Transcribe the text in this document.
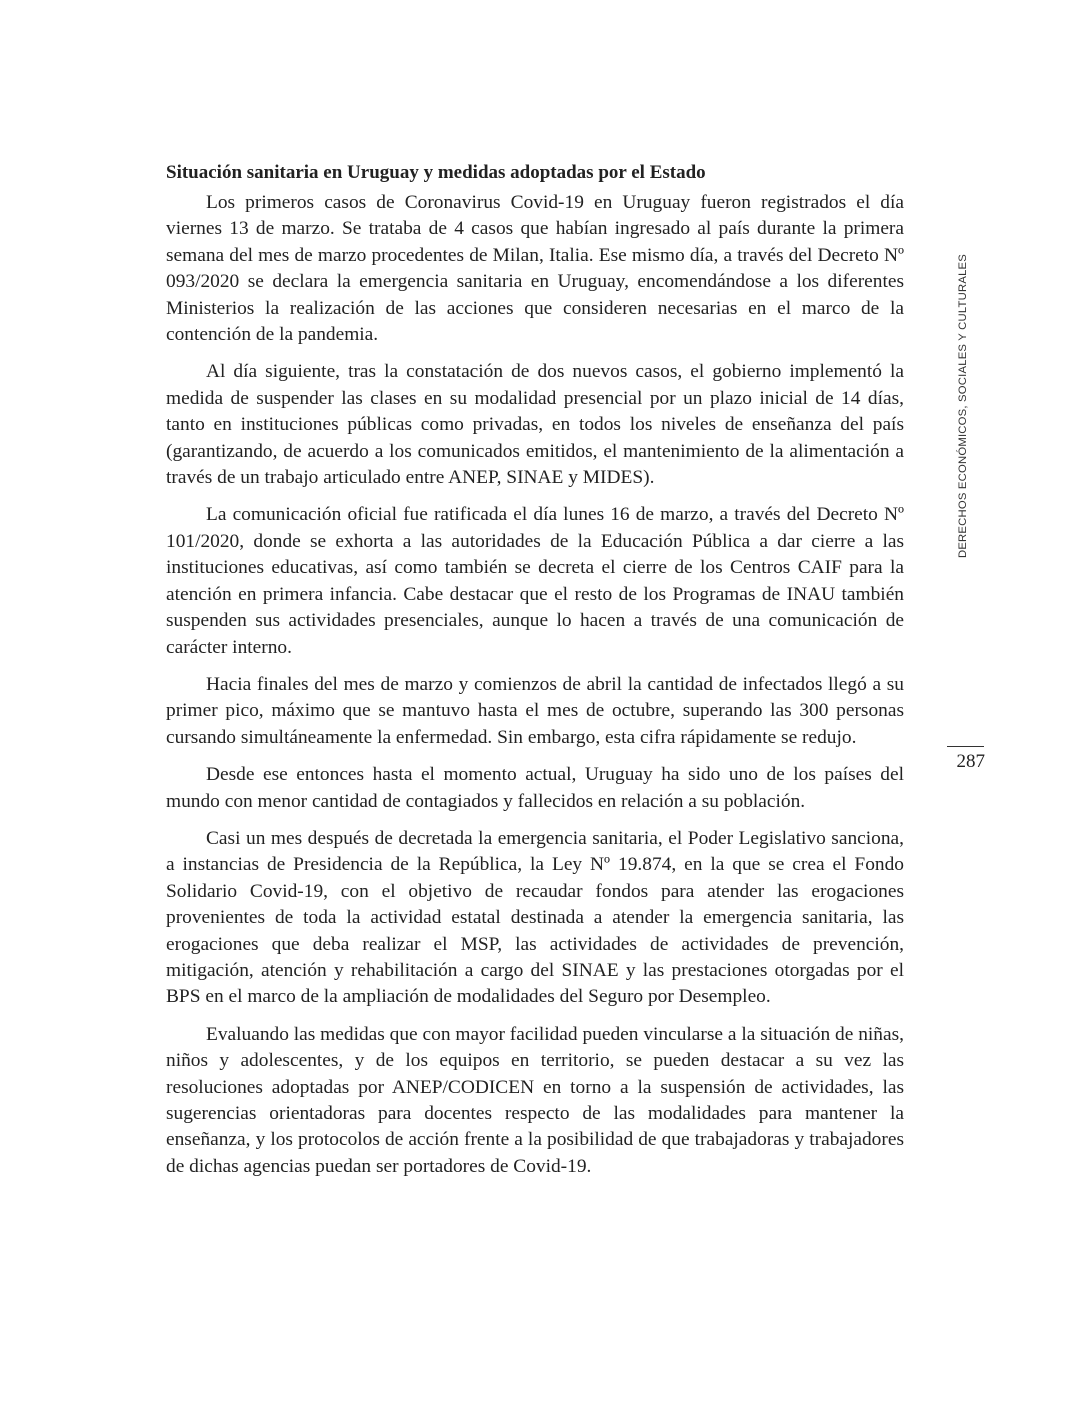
Situación sanitaria en Uruguay y medidas adoptadas por el Estado

Los primeros casos de Coronavirus Covid-19 en Uruguay fueron registrados el día viernes 13 de marzo. Se trataba de 4 casos que habían ingresado al país durante la primera semana del mes de marzo procedentes de Milan, Italia. Ese mismo día, a través del Decreto Nº 093/2020 se declara la emergencia sanitaria en Uruguay, encomendándose a los diferentes Ministerios la realización de las acciones que consideren necesarias en el marco de la contención de la pandemia.

Al día siguiente, tras la constatación de dos nuevos casos, el gobierno implementó la medida de suspender las clases en su modalidad presencial por un plazo inicial de 14 días, tanto en instituciones públicas como privadas, en todos los niveles de enseñanza del país (garantizando, de acuerdo a los comunicados emitidos, el mantenimiento de la alimentación a través de un trabajo articulado entre ANEP, SINAE y MIDES).

La comunicación oficial fue ratificada el día lunes 16 de marzo, a través del Decreto Nº 101/2020, donde se exhorta a las autoridades de la Educación Pública a dar cierre a las instituciones educativas, así como también se decreta el cierre de los Centros CAIF para la atención en primera infancia. Cabe destacar que el resto de los Programas de INAU también suspenden sus actividades presenciales, aunque lo hacen a través de una comunicación de carácter interno.

Hacia finales del mes de marzo y comienzos de abril la cantidad de infectados llegó a su primer pico, máximo que se mantuvo hasta el mes de octubre, superando las 300 personas cursando simultáneamente la enfermedad. Sin embargo, esta cifra rápidamente se redujo.

Desde ese entonces hasta el momento actual, Uruguay ha sido uno de los países del mundo con menor cantidad de contagiados y fallecidos en relación a su población.

Casi un mes después de decretada la emergencia sanitaria, el Poder Legislativo sanciona, a instancias de Presidencia de la República, la Ley Nº 19.874, en la que se crea el Fondo Solidario Covid-19, con el objetivo de recaudar fondos para atender las erogaciones provenientes de toda la actividad estatal destinada a atender la emergencia sanitaria, las erogaciones que deba realizar el MSP, las actividades de actividades de prevención, mitigación, atención y rehabilitación a cargo del SINAE y las prestaciones otorgadas por el BPS en el marco de la ampliación de modalidades del Seguro por Desempleo.

Evaluando las medidas que con mayor facilidad pueden vincularse a la situación de niñas, niños y adolescentes, y de los equipos en territorio, se pueden destacar a su vez las resoluciones adoptadas por ANEP/CODICEN en torno a la suspensión de actividades, las sugerencias orientadoras para docentes respecto de las modalidades para mantener la enseñanza, y los protocolos de acción frente a la posibilidad de que trabajadoras y trabajadores de dichas agencias puedan ser portadores de Covid-19.

DERECHOS ECONÓMICOS, SOCIALES Y CULTURALES
287
